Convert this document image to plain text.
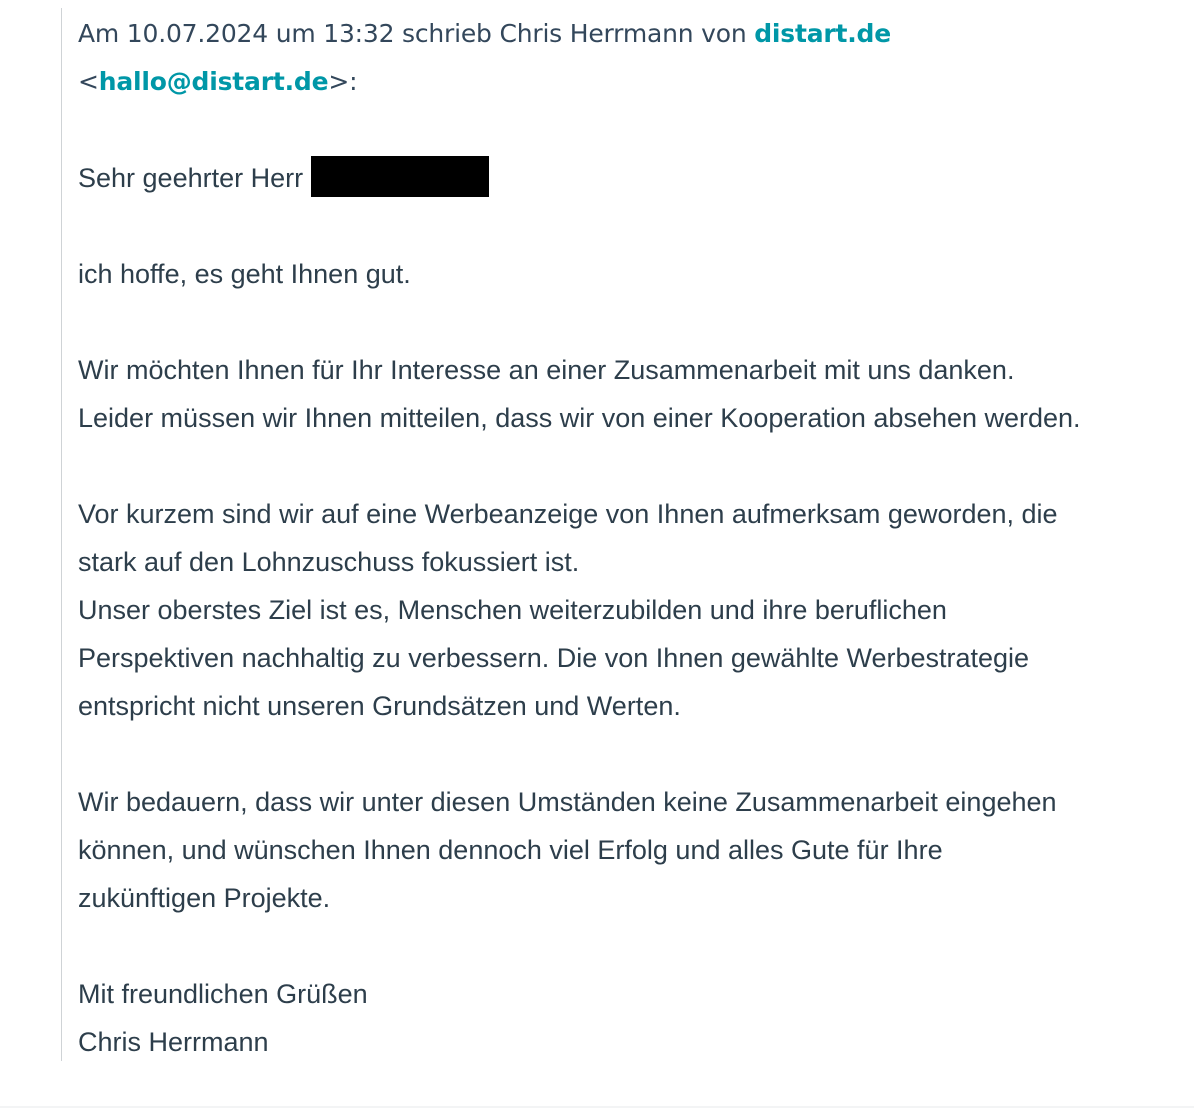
Am 10.07.2024 um 13:32 schrieb Chris Herrmann von distart.de
<hallo@distart.de>:

Sehr geehrter Herr

ich hoffe, es geht Ihnen gut.

Wir möchten Ihnen für Ihr Interesse an einer Zusammenarbeit mit uns danken.

Leider müssen wir Ihnen mitteilen, dass wir von einer Kooperation absehen werden.

Vor kurzem sind wir auf eine Werbeanzeige von Ihnen aufmerksam geworden, die

stark auf den Lohnzuschuss fokussiert ist.

Unser oberstes Ziel ist es, Menschen weiterzubilden und ihre beruflichen

Perspektiven nachhaltig zu verbessern. Die von Ihnen gewählte Werbestrategie

entspricht nicht unseren Grundsätzen und Werten.

Wir bedauern, dass wir unter diesen Umständen keine Zusammenarbeit eingehen

können, und wünschen Ihnen dennoch viel Erfolg und alles Gute für Ihre

zukünftigen Projekte.

Mit freundlichen Grüßen

Chris Herrmann
